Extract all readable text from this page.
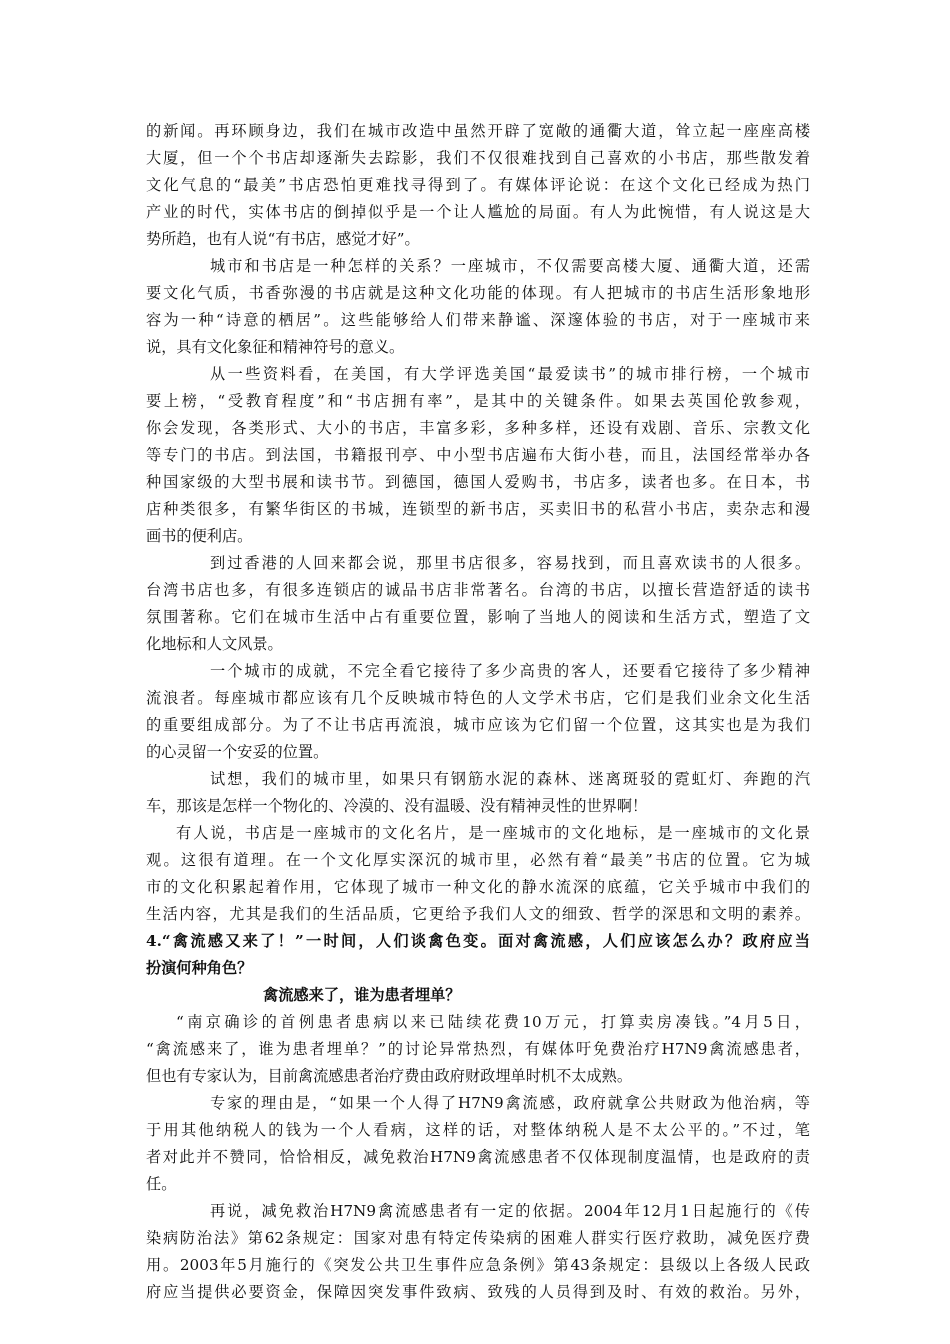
的新闻。再环顾身边，我们在城市改造中虽然开辟了宽敞的通衢大道，耸立起一座座高楼
大厦，但一个个书店却逐渐失去踪影，我们不仅很难找到自己喜欢的小书店，那些散发着
文化气息的“最美”书店恐怕更难找寻得到了。有媒体评论说：在这个文化已经成为热门
产业的时代，实体书店的倒掉似乎是一个让人尴尬的局面。有人为此惋惜，有人说这是大
势所趋，也有人说“有书店，感觉才好”。
城市和书店是一种怎样的关系？一座城市，不仅需要高楼大厦、通衢大道，还需
要文化气质，书香弥漫的书店就是这种文化功能的体现。有人把城市的书店生活形象地形
容为一种“诗意的栖居”。这些能够给人们带来静谧、深邃体验的书店，对于一座城市来
说，具有文化象征和精神符号的意义。
从一些资料看，在美国，有大学评选美国“最爱读书”的城市排行榜，一个城市
要上榜，“受教育程度”和“书店拥有率”，是其中的关键条件。如果去英国伦敦参观，
你会发现，各类形式、大小的书店，丰富多彩，多种多样，还设有戏剧、音乐、宗教文化
等专门的书店。到法国，书籍报刊亭、中小型书店遍布大街小巷，而且，法国经常举办各
种国家级的大型书展和读书节。到德国，德国人爱购书，书店多，读者也多。在日本，书
店种类很多，有繁华街区的书城，连锁型的新书店，买卖旧书的私营小书店，卖杂志和漫
画书的便利店。
到过香港的人回来都会说，那里书店很多，容易找到，而且喜欢读书的人很多。
台湾书店也多，有很多连锁店的诚品书店非常著名。台湾的书店，以擅长营造舒适的读书
氛围著称。它们在城市生活中占有重要位置，影响了当地人的阅读和生活方式，塑造了文
化地标和人文风景。
一个城市的成就，不完全看它接待了多少高贵的客人，还要看它接待了多少精神
流浪者。每座城市都应该有几个反映城市特色的人文学术书店，它们是我们业余文化生活
的重要组成部分。为了不让书店再流浪，城市应该为它们留一个位置，这其实也是为我们
的心灵留一个安妥的位置。
试想，我们的城市里，如果只有钢筋水泥的森林、迷离斑驳的霓虹灯、奔跑的汽
车，那该是怎样一个物化的、冷漠的、没有温暖、没有精神灵性的世界啊！
有人说，书店是一座城市的文化名片，是一座城市的文化地标，是一座城市的文化景
观。这很有道理。在一个文化厚实深沉的城市里，必然有着“最美”书店的位置。它为城
市的文化积累起着作用，它体现了城市一种文化的静水流深的底蕴，它关乎城市中我们的
生活内容，尤其是我们的生活品质，它更给予我们人文的细致、哲学的深思和文明的素养。
4.“禽流感又来了！”一时间，人们谈禽色变。面对禽流感，人们应该怎么办？政府应当
扮演何种角色？
禽流感来了，谁为患者埋单？
“南京确诊的首例患者患病以来已陆续花费10万元，打算卖房凑钱。”4月5日，
“禽流感来了，谁为患者埋单？”的讨论异常热烈，有媒体吁免费治疗H7N9禽流感患者，
但也有专家认为，目前禽流感患者治疗费由政府财政埋单时机不太成熟。
专家的理由是，“如果一个人得了H7N9禽流感，政府就拿公共财政为他治病，等
于用其他纳税人的钱为一个人看病，这样的话，对整体纳税人是不太公平的。”不过，笔
者对此并不赞同，恰恰相反，减免救治H7N9禽流感患者不仅体现制度温情，也是政府的责
任。
再说，减免救治H7N9禽流感患者有一定的依据。2004年12月1日起施行的《传
染病防治法》第62条规定：国家对患有特定传染病的困难人群实行医疗救助，减免医疗费
用。2003年5月施行的《突发公共卫生事件应急条例》第43条规定：县级以上各级人民政
府应当提供必要资金，保障因突发事件致病、致残的人员得到及时、有效的救治。另外，
